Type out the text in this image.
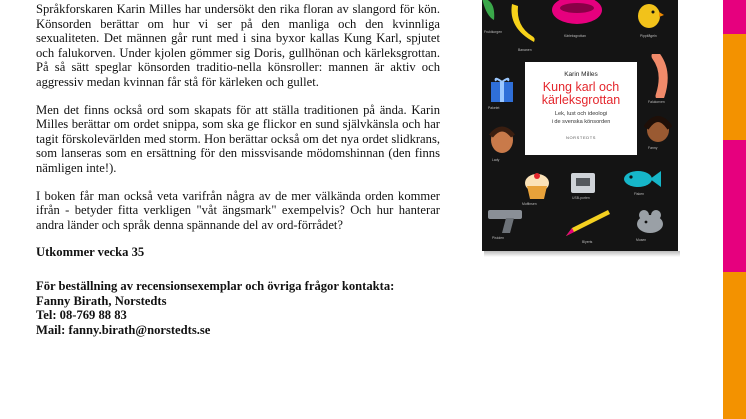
Språkforskaren Karin Milles har undersökt den rika floran av slangord för kön. Könsorden berättar om hur vi ser på den manliga och den kvinnliga sexualiteten. Det männen går runt med i sina byxor kallas Kung Karl, spjutet och falukorven. Under kjolen gömmer sig Doris, gullhönan och kärleksgrottan. På så sätt speglar könsorden traditio-nella könsroller: mannen är aktiv och aggressiv medan kvinnan får stå för kärleken och gullet.

Men det finns också ord som skapats för att ställa traditionen på ända. Karin Milles berättar om ordet snippa, som ska ge flickor en sund självkänsla och har tagit förskolevärlden med storm. Hon berättar också om det nya ordet slidkrans, som lanseras som en ersättning för den missvisande mödomshinnan (den finns nämligen inte!).

I boken får man också veta varifrån några av de mer välkända orden kommer ifrån - betyder fitta verkligen "våt ängsmark" exempelvis? Och hur hanterar andra länder och språk denna spännande del av ord-förrådet?

Utkommer vecka 35

För beställning av recensionsexemplar och övriga frågor kontakta:
Fanny Birath, Norstedts
Tel: 08-769 88 83
Mail: fanny.birath@norstedts.se

Fruktkorgen
Bananen
Kärleksgrottan	Pippifågeln
Paketet
Falukorven
Lady
Fanny
Muffinsen
USB-porten
Fisken
Pistolen
Blyerts	Musen
Karin Milles
Kung karl och
kärleksgrottan
Lek, lust och ideologi
i de svenska könsorden
NORSTEDTS
